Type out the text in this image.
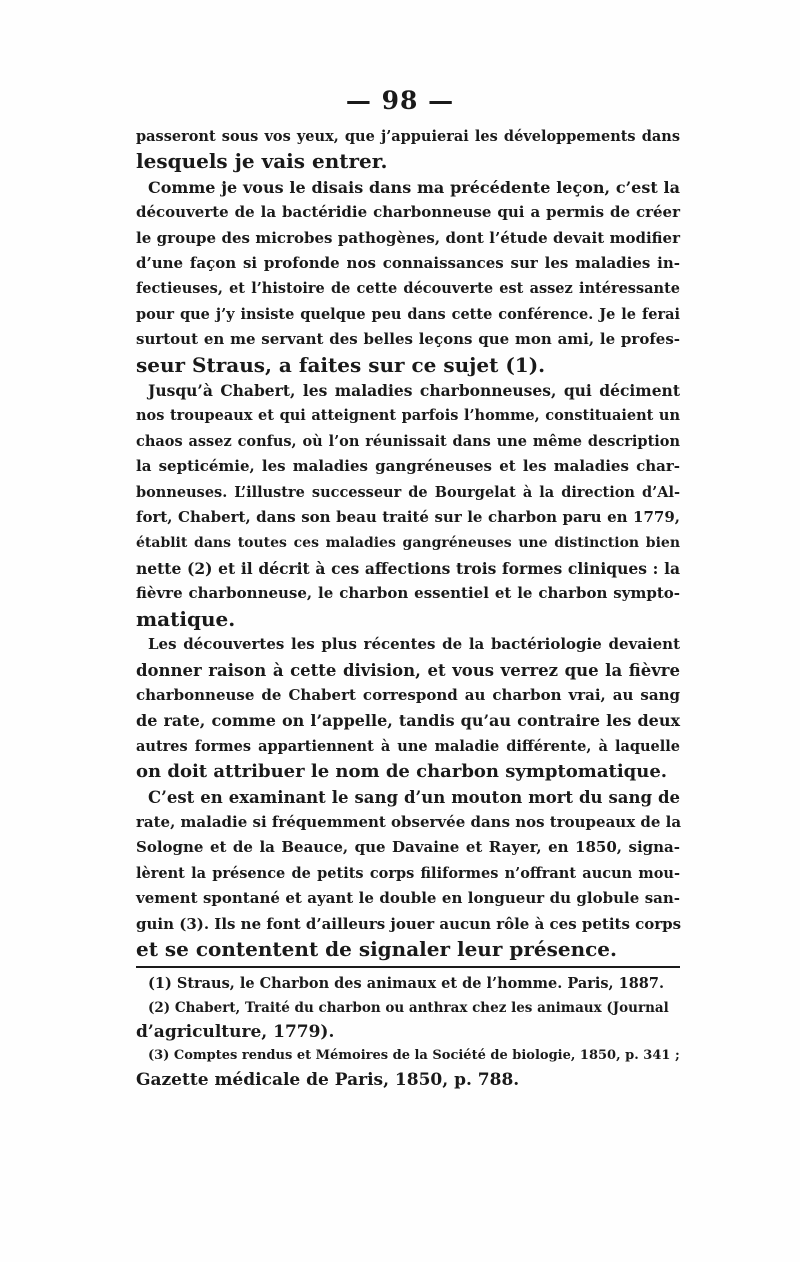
— 98 —

passeront sous vos yeux, que j’appuierai les développements dans
lesquels je vais entrer.

Comme je vous le disais dans ma précédente leçon, c’est la
découverte de la bactéridie charbonneuse qui a permis de créer
le groupe des microbes pathogènes, dont l’étude devait modifier
d’une façon si profonde nos connaissances sur les maladies in-
fectieuses, et l’histoire de cette découverte est assez intéressante
pour que j’y insiste quelque peu dans cette conférence. Je le ferai
surtout en me servant des belles leçons que mon ami, le profes-
seur Straus, a faites sur ce sujet (1).

Jusqu’à Chabert, les maladies charbonneuses, qui déciment
nos troupeaux et qui atteignent parfois l’homme, constituaient un
chaos assez confus, où l’on réunissait dans une même description
la septicémie, les maladies gangréneuses et les maladies char-
bonneuses. L’illustre successeur de Bourgelat à la direction d’Al-
fort, Chabert, dans son beau traité sur le charbon paru en 1779,
établit dans toutes ces maladies gangréneuses une distinction bien
nette (2) et il décrit à ces affections trois formes cliniques : la
fièvre charbonneuse, le charbon essentiel et le charbon sympto-
matique.

Les découvertes les plus récentes de la bactériologie devaient
donner raison à cette division, et vous verrez que la fièvre
charbonneuse de Chabert correspond au charbon vrai, au sang
de rate, comme on l’appelle, tandis qu’au contraire les deux
autres formes appartiennent à une maladie différente, à laquelle
on doit attribuer le nom de charbon symptomatique.

C’est en examinant le sang d’un mouton mort du sang de
rate, maladie si fréquemment observée dans nos troupeaux de la
Sologne et de la Beauce, que Davaine et Rayer, en 1850, signa-
lèrent la présence de petits corps filiformes n’offrant aucun mou-
vement spontané et ayant le double en longueur du globule san-
guin (3). Ils ne font d’ailleurs jouer aucun rôle à ces petits corps
et se contentent de signaler leur présence.

(1) Straus, le Charbon des animaux et de l’homme. Paris, 1887.
(2) Chabert, Traité du charbon ou anthrax chez les animaux (Journal
d’agriculture, 1779).
(3) Comptes rendus et Mémoires de la Société de biologie, 1850, p. 341 ;
Gazette médicale de Paris, 1850, p. 788.
